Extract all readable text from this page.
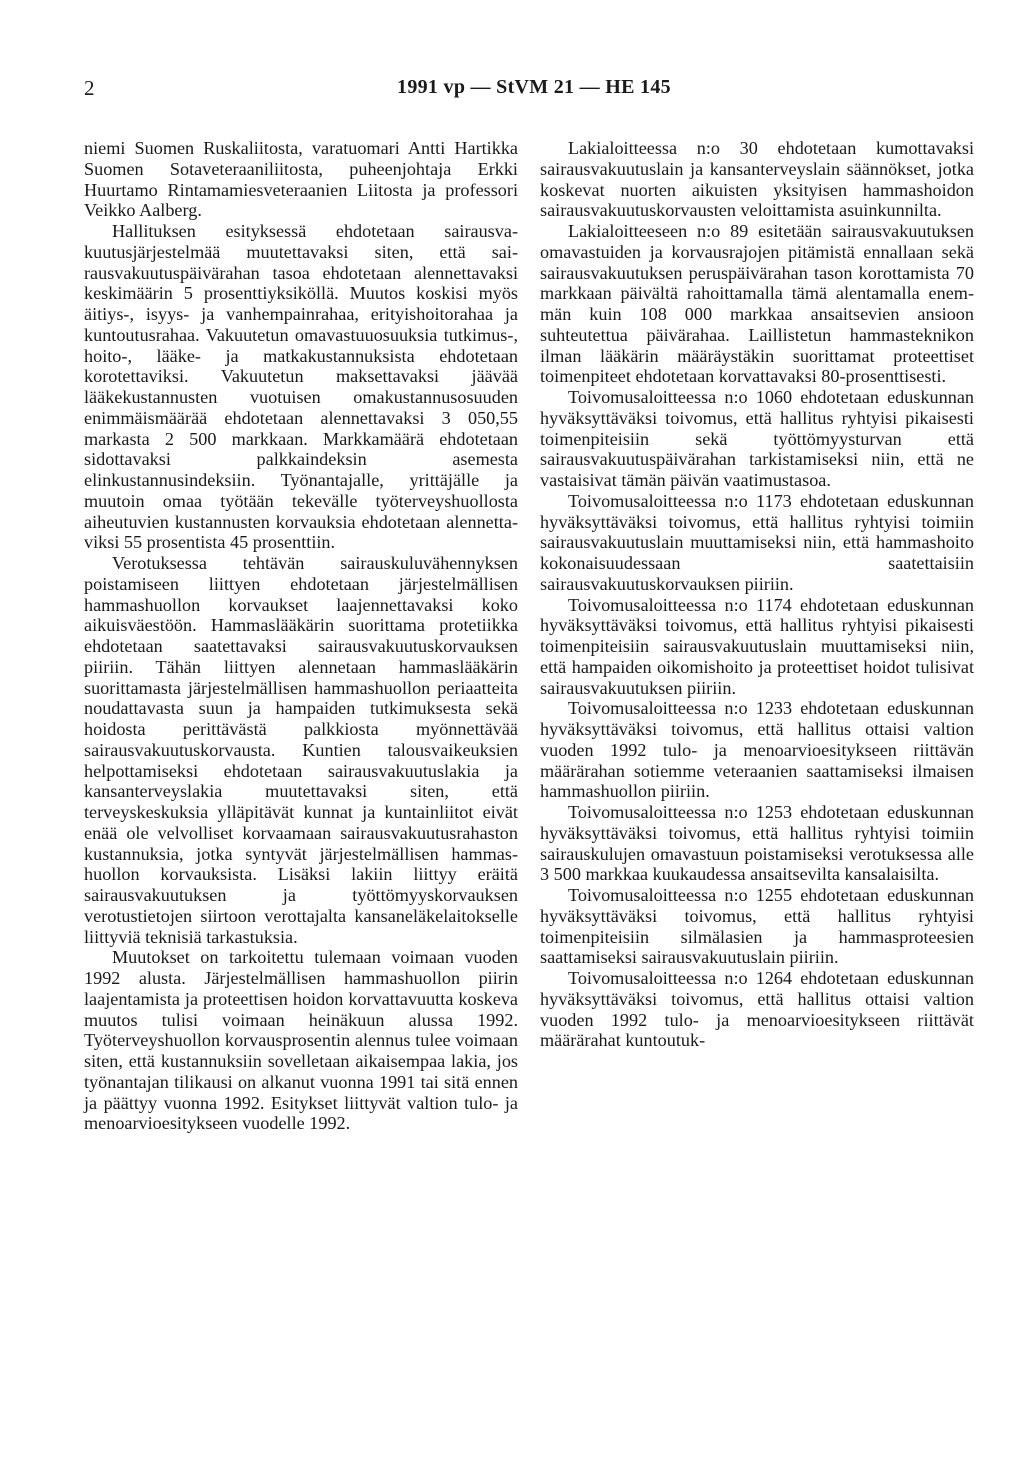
2	1991 vp — StVM 21 — HE 145

niemi Suomen Ruskaliitosta, varatuomari Antti Hartikka Suomen Sotaveteraaniliitosta, puheenjohtaja Erkki Huurtamo Rintamamiesveteraanien Liitosta ja professori Veikko Aalberg.

Hallituksen esityksessä ehdotetaan sairausvakuutusjärjestelmää muutettavaksi siten, että sairausvakuutuspäivärahan tasoa ehdotetaan alennettavaksi keskimäärin 5 prosenttiyksiköllä. Muutos koskisi myös äitiys-, isyys- ja vanhempainrahaa, erityishoitorahaa ja kuntoutusrahaa. Vakuutetun omavastuuosuuksia tutkimus-, hoito-, lääke- ja matkakustannuksista ehdotetaan korotettaviksi. Vakuutetun maksettavaksi jäävää lääkekustannusten vuotuisen omakustannusosuuden enimmäismäärää ehdotetaan alennettavaksi 3 050,55 markasta 2 500 markkaan. Markkamäärä ehdotetaan sidottavaksi palkkaindeksin asemesta elinkustannusindeksiin. Työnantajalle, yrittäjälle ja muutoin omaa työtään tekevälle työterveyshuollosta aiheutuvien kustannusten korvauksia ehdotetaan alennettaviksi 55 prosentista 45 prosenttiin.

Verotuksessa tehtävän sairauskuluvähennyksen poistamiseen liittyen ehdotetaan järjestelmällisen hammashuollon korvaukset laajennettavaksi koko aikuisväestöön. Hammaslääkärin suorittama protetiikka ehdotetaan saatettavaksi sairausvakuutuskorvauksen piiriin. Tähän liittyen alennetaan hammaslääkärin suorittamasta järjestelmällisen hammashuollon periaatteita noudattavasta suun ja hampaiden tutkimuksesta sekä hoidosta perittävästä palkkiosta myönnettävää sairausvakuutuskorvausta. Kuntien talousvaikeuksien helpottamiseksi ehdotetaan sairausvakuutuslakia ja kansanterveyslakia muutettavaksi siten, että terveyskeskuksia ylläpitävät kunnat ja kuntainliitot eivät enää ole velvolliset korvaamaan sairausvakuutusrahaston kustannuksia, jotka syntyvät järjestelmällisen hammashuollon korvauksista. Lisäksi lakiin liittyy eräitä sairausvakuutuksen ja työttömyyskorvauksen verotustietojen siirtoon verottajalta kansaneläkelaitokselle liittyviä teknisiä tarkastuksia.

Muutokset on tarkoitettu tulemaan voimaan vuoden 1992 alusta. Järjestelmällisen hammashuollon piirin laajentamista ja proteettisen hoidon korvattavuutta koskeva muutos tulisi voimaan heinäkuun alussa 1992. Työterveyshuollon korvausprosentin alennus tulee voimaan siten, että kustannuksiin sovelletaan aikaisempaa lakia, jos työnantajan tilikausi on alkanut vuonna 1991 tai sitä ennen ja päättyy vuonna 1992. Esitykset liittyvät valtion tulo- ja menoarvioesitykseen vuodelle 1992.

Lakialoitteessa n:o 30 ehdotetaan kumottavaksi sairausvakuutuslain ja kansanterveyslain säännökset, jotka koskevat nuorten aikuisten yksityisen hammashoidon sairausvakuutuskorvausten veloittamista asuinkunnilta.

Lakialoitteeseen n:o 89 esitetään sairausvakuutuksen omavastuiden ja korvausrajojen pitämistä ennallaan sekä sairausvakuutuksen peruspäivärahan tason korottamista 70 markkaan päivältä rahoittamalla tämä alentamalla enemmän kuin 108 000 markkaa ansaitsevien ansioon suhteutettua päivärahaa. Laillistetun hammasteknikon ilman lääkärin määräystäkin suorittamat proteettiset toimenpiteet ehdotetaan korvattavaksi 80-prosenttisesti.

Toivomusaloitteessa n:o 1060 ehdotetaan eduskunnan hyväksyttäväksi toivomus, että hallitus ryhtyisi pikaisesti toimenpiteisiin sekä työttömyysturvan että sairausvakuutuspäivärahan tarkistamiseksi niin, että ne vastaisivat tämän päivän vaatimustasoa.

Toivomusaloitteessa n:o 1173 ehdotetaan eduskunnan hyväksyttäväksi toivomus, että hallitus ryhtyisi toimiin sairausvakuutuslain muuttamiseksi niin, että hammashoito kokonaisuudessaan saatettaisiin sairausvakuutuskorvauksen piiriin.

Toivomusaloitteessa n:o 1174 ehdotetaan eduskunnan hyväksyttäväksi toivomus, että hallitus ryhtyisi pikaisesti toimenpiteisiin sairausvakuutuslain muuttamiseksi niin, että hampaiden oikomishoito ja proteettiset hoidot tulisivat sairausvakuutuksen piiriin.

Toivomusaloitteessa n:o 1233 ehdotetaan eduskunnan hyväksyttäväksi toivomus, että hallitus ottaisi valtion vuoden 1992 tulo- ja menoarvioesitykseen riittävän määrärahan sotiemme veteraanien saattamiseksi ilmaisen hammashuollon piiriin.

Toivomusaloitteessa n:o 1253 ehdotetaan eduskunnan hyväksyttäväksi toivomus, että hallitus ryhtyisi toimiin sairauskulujen omavastuun poistamiseksi verotuksessa alle 3 500 markkaa kuukaudessa ansaitsevilta kansalaisilta.

Toivomusaloitteessa n:o 1255 ehdotetaan eduskunnan hyväksyttäväksi toivomus, että hallitus ryhtyisi toimenpiteisiin silmälasien ja hammasproteesien saattamiseksi sairausvakuutuslain piiriin.

Toivomusaloitteessa n:o 1264 ehdotetaan eduskunnan hyväksyttäväksi toivomus, että hallitus ottaisi valtion vuoden 1992 tulo- ja menoarvioesitykseen riittävät määrärahat kuntoutuk-
